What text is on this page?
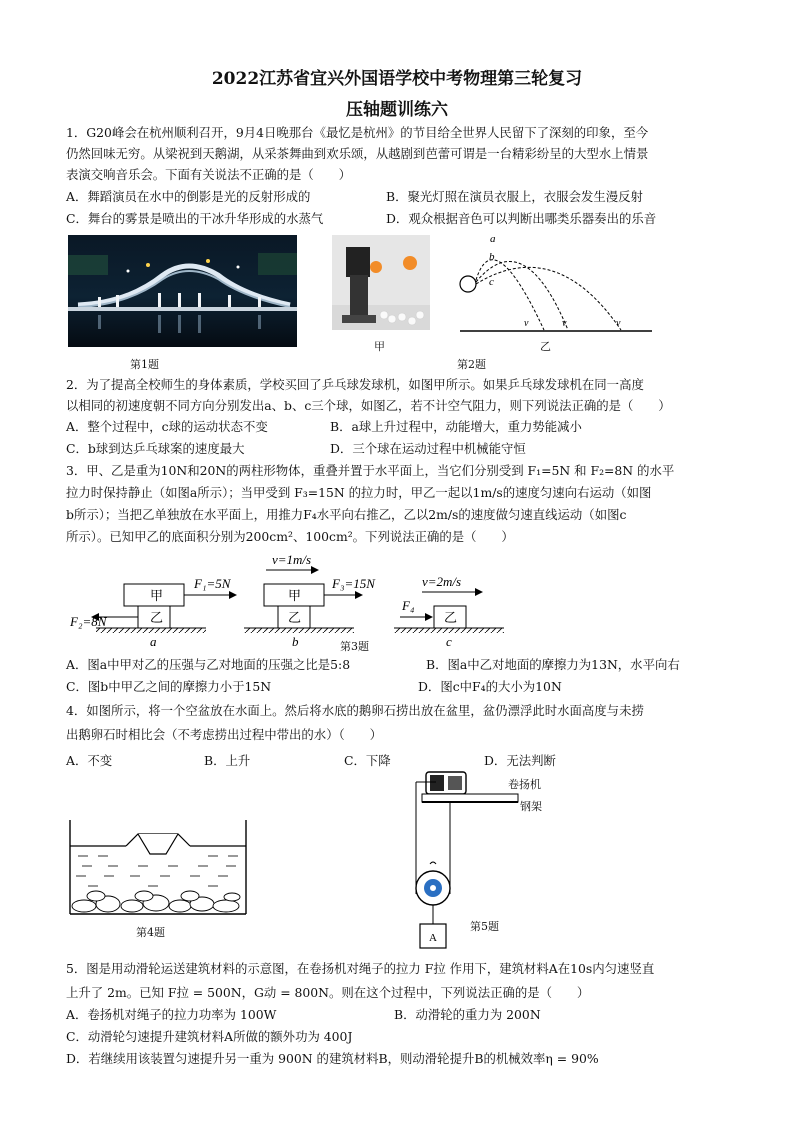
2022江苏省宜兴外国语学校中考物理第三轮复习
压轴题训练六
1．G20峰会在杭州顺利召开，9月4日晚那台《最忆是杭州》的节目给全世界人民留下了深刻的印象，至今
仍然回味无穷。从梁祝到天鹅湖，从采茶舞曲到欢乐颂，从越剧到芭蕾可谓是一台精彩纷呈的大型水上情景
表演交响音乐会。下面有关说法不正确的是（　　）
A．舞蹈演员在水中的倒影是光的反射形成的	B．聚光灯照在演员衣服上，衣服会发生漫反射
C．舞台的雾景是喷出的干冰升华形成的水蒸气	D．观众根据音色可以判断出哪类乐器奏出的乐音
第1题
甲
a
b
c
v	v	v
第2题
乙
2．为了提高全校师生的身体素质，学校买回了乒乓球发球机，如图甲所示。如果乒乓球发球机在同一高度
以相同的初速度朝不同方向分别发出a、b、c三个球，如图乙，若不计空气阻力，则下列说法正确的是（　　）
A．整个过程中，c球的运动状态不变	B．a球上升过程中，动能增大，重力势能减小
C．b球到达乒乓球案的速度最大	D．三个球在运动过程中机械能守恒
3．甲、乙是重为10N和20N的两柱形物体，重叠并置于水平面上，当它们分别受到 F₁=5N 和 F₂=8N 的水平
拉力时保持静止（如图a所示）；当甲受到 F₃=15N 的拉力时，甲乙一起以1m/s的速度匀速向右运动（如图
b所示）；当把乙单独放在水平面上，用推力F₄水平向右推乙，乙以2m/s的速度做匀速直线运动（如图c
所示）。已知甲乙的底面积分别为200cm²、100cm²。下列说法正确的是（　　）
甲
乙
F₁=5N
F₂=8N
a
甲
乙
F₃=15N
v=1m/s
b
乙
F₄
v=2m/s
c
第3题
A．图a中甲对乙的压强与乙对地面的压强之比是5:8	B．图a中乙对地面的摩擦力为13N，水平向右
C．图b中甲乙之间的摩擦力小于15N	D．图c中F₄的大小为10N
4．如图所示，将一个空盆放在水面上。然后将水底的鹅卵石捞出放在盆里，盆仍漂浮此时水面高度与未捞
出鹅卵石时相比会（不考虑捞出过程中带出的水）（　　）
A．不变	B．上升	C．下降	D．无法判断
第4题	A
卷扬机
钢架
第5题
5．图是用动滑轮运送建筑材料的示意图，在卷扬机对绳子的拉力 F拉 作用下，建筑材料A在10s内匀速竖直
上升了 2m。已知 F拉 = 500N，G动 = 800N。则在这个过程中，下列说法正确的是（　　）
A．卷扬机对绳子的拉力功率为 100W	B．动滑轮的重力为 200N
C．动滑轮匀速提升建筑材料A所做的额外功为 400J
D．若继续用该装置匀速提升另一重为 900N 的建筑材料B，则动滑轮提升B的机械效率η = 90%
